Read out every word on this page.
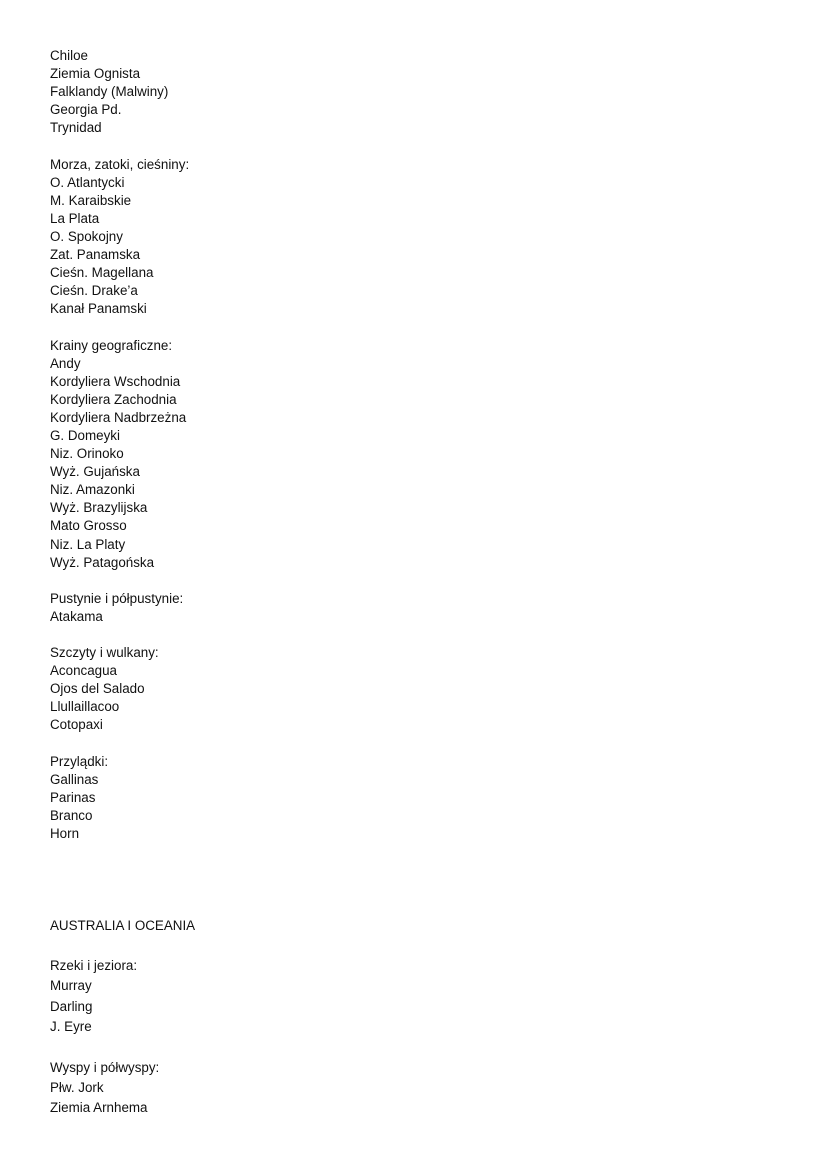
Chiloe
Ziemia Ognista
Falklandy (Malwiny)
Georgia Pd.
Trynidad
Morza, zatoki, cieśniny:
O. Atlantycki
M. Karaibskie
La Plata
O. Spokojny
Zat. Panamska
Cieśn. Magellana
Cieśn. Drake’a
Kanał Panamski
Krainy geograficzne:
Andy
Kordyliera Wschodnia
Kordyliera Zachodnia
Kordyliera Nadbrzeżna
G. Domeyki
Niz. Orinoko
Wyż. Gujańska
Niz. Amazonki
Wyż. Brazylijska
Mato Grosso
Niz. La Platy
Wyż. Patagońska
Pustynie i półpustynie:
Atakama
Szczyty i wulkany:
Aconcagua
Ojos del Salado
Llullaillacoo
Cotopaxi
Przylądki:
Gallinas
Parinas
Branco
Horn
AUSTRALIA I OCEANIA
Rzeki i jeziora:
Murray
Darling
J. Eyre
Wyspy i półwyspy:
Płw. Jork
Ziemia Arnhema
